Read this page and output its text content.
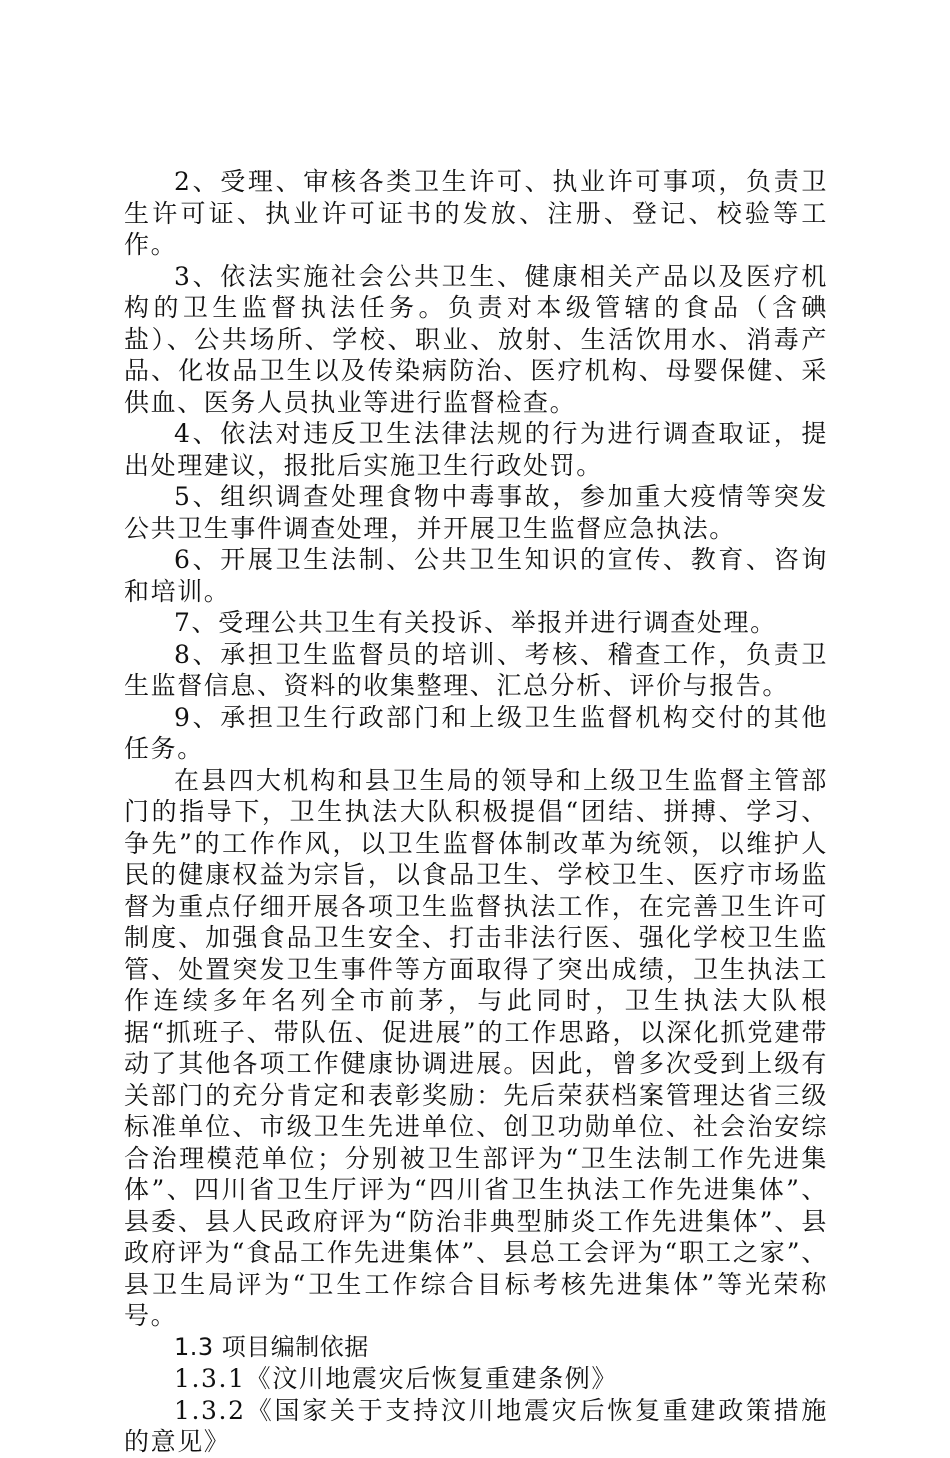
2、受理、审核各类卫生许可、执业许可事项，负责卫生许可证、执业许可证书的发放、注册、登记、校验等工作。

3、依法实施社会公共卫生、健康相关产品以及医疗机构的卫生监督执法任务。负责对本级管辖的食品（含碘盐）、公共场所、学校、职业、放射、生活饮用水、消毒产品、化妆品卫生以及传染病防治、医疗机构、母婴保健、采供血、医务人员执业等进行监督检查。

4、依法对违反卫生法律法规的行为进行调查取证，提出处理建议，报批后实施卫生行政处罚。

5、组织调查处理食物中毒事故，参加重大疫情等突发公共卫生事件调查处理，并开展卫生监督应急执法。

6、开展卫生法制、公共卫生知识的宣传、教育、咨询和培训。

7、受理公共卫生有关投诉、举报并进行调查处理。

8、承担卫生监督员的培训、考核、稽查工作，负责卫生监督信息、资料的收集整理、汇总分析、评价与报告。

9、承担卫生行政部门和上级卫生监督机构交付的其他任务。

在县四大机构和县卫生局的领导和上级卫生监督主管部门的指导下，卫生执法大队积极提倡“团结、拼搏、学习、争先”的工作作风，以卫生监督体制改革为统领，以维护人民的健康权益为宗旨，以食品卫生、学校卫生、医疗市场监督为重点仔细开展各项卫生监督执法工作，在完善卫生许可制度、加强食品卫生安全、打击非法行医、强化学校卫生监管、处置突发卫生事件等方面取得了突出成绩，卫生执法工作连续多年名列全市前茅，与此同时，卫生执法大队根据“抓班子、带队伍、促进展”的工作思路，以深化抓党建带动了其他各项工作健康协调进展。因此，曾多次受到上级有关部门的充分肯定和表彰奖励：先后荣获档案管理达省三级标准单位、市级卫生先进单位、创卫功勋单位、社会治安综合治理模范单位；分别被卫生部评为“卫生法制工作先进集体”、四川省卫生厅评为“四川省卫生执法工作先进集体”、县委、县人民政府评为“防治非典型肺炎工作先进集体”、县政府评为“食品工作先进集体”、县总工会评为“职工之家”、县卫生局评为“卫生工作综合目标考核先进集体”等光荣称号。

1.3 项目编制依据

1.3.1《汶川地震灾后恢复重建条例》

1.3.2《国家关于支持汶川地震灾后恢复重建政策措施的意见》
